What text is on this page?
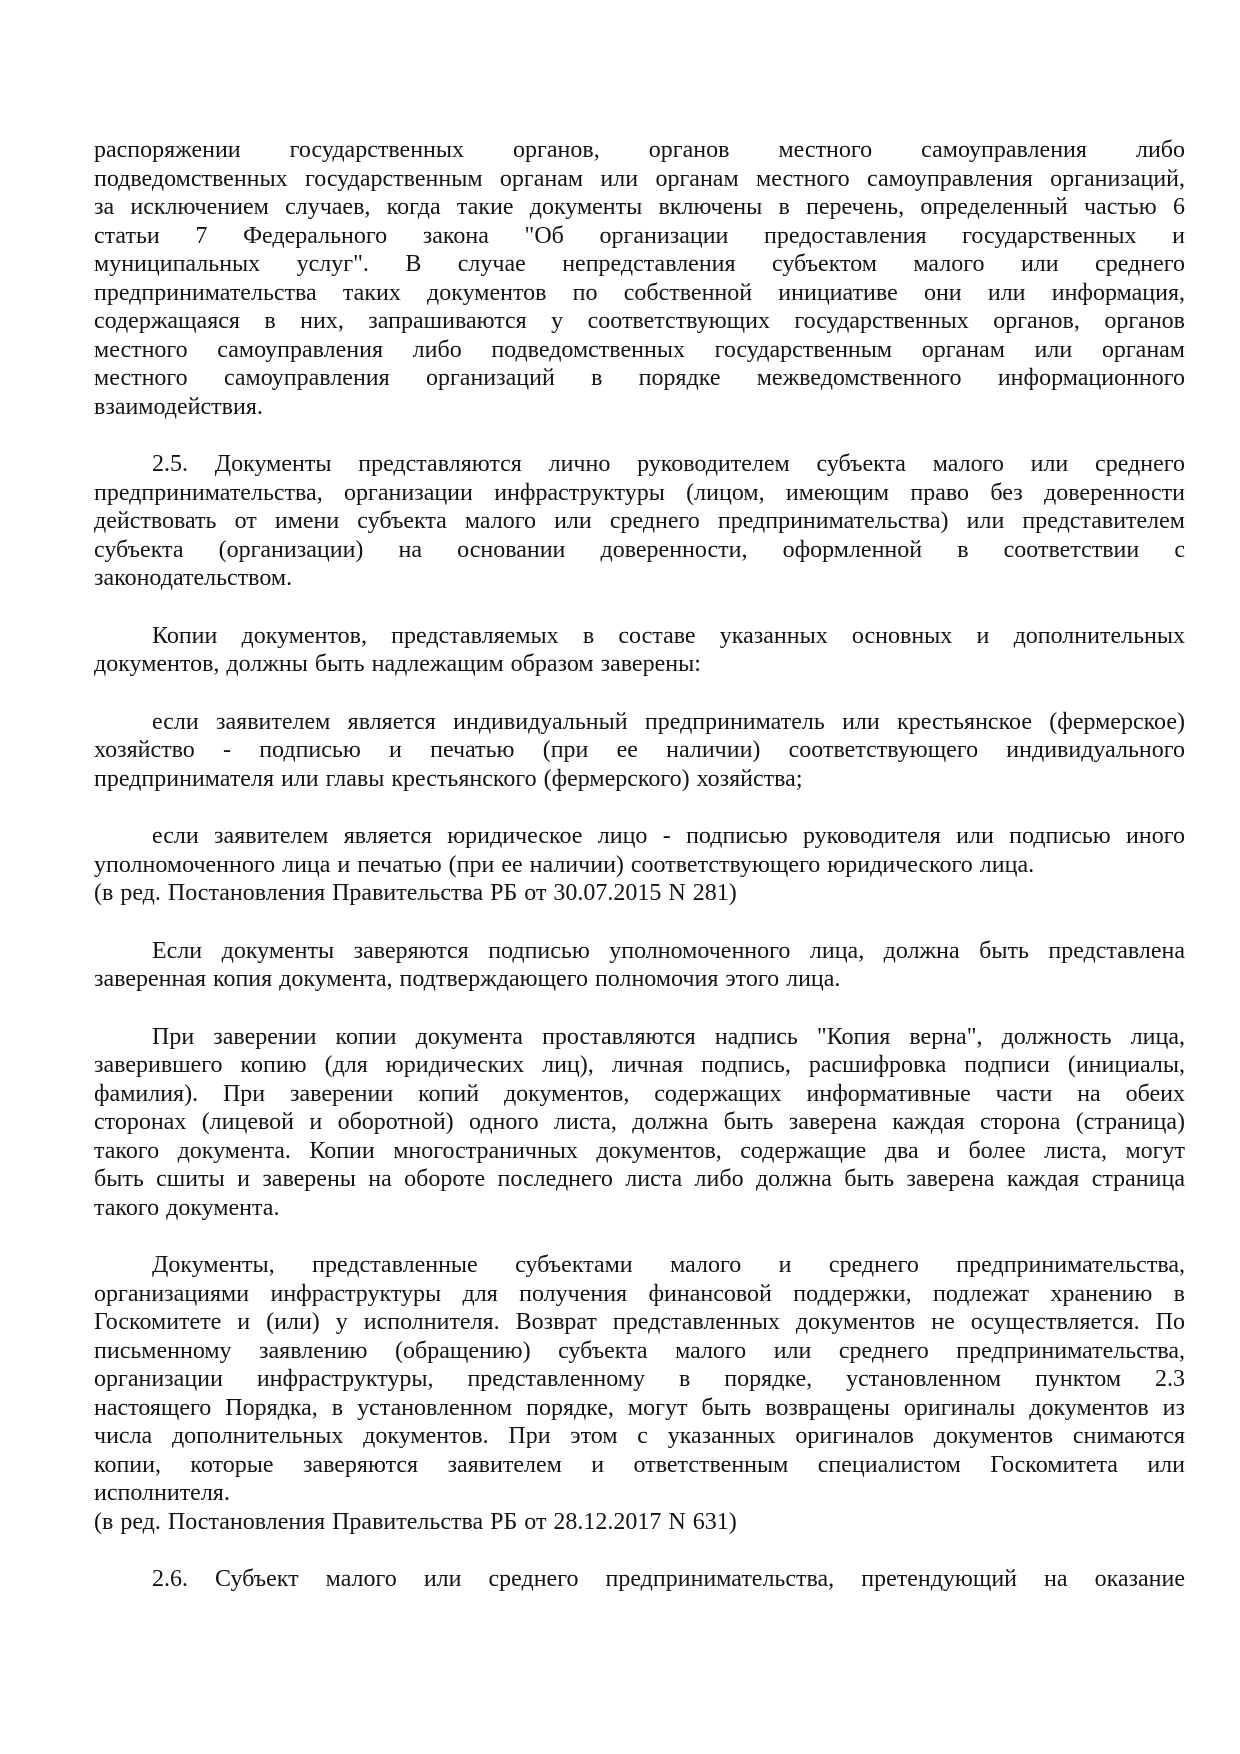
распоряжении государственных органов, органов местного самоуправления либо
подведомственных государственным органам или органам местного самоуправления организаций,
за исключением случаев, когда такие документы включены в перечень, определенный частью 6
статьи 7 Федерального закона "Об организации предоставления государственных и
муниципальных услуг". В случае непредставления субъектом малого или среднего
предпринимательства таких документов по собственной инициативе они или информация,
содержащаяся в них, запрашиваются у соответствующих государственных органов, органов
местного самоуправления либо подведомственных государственным органам или органам
местного самоуправления организаций в порядке межведомственного информационного
взаимодействия.
2.5. Документы представляются лично руководителем субъекта малого или среднего
предпринимательства, организации инфраструктуры (лицом, имеющим право без доверенности
действовать от имени субъекта малого или среднего предпринимательства) или представителем
субъекта (организации) на основании доверенности, оформленной в соответствии с
законодательством.
Копии документов, представляемых в составе указанных основных и дополнительных
документов, должны быть надлежащим образом заверены:
если заявителем является индивидуальный предприниматель или крестьянское (фермерское)
хозяйство - подписью и печатью (при ее наличии) соответствующего индивидуального
предпринимателя или главы крестьянского (фермерского) хозяйства;
если заявителем является юридическое лицо - подписью руководителя или подписью иного
уполномоченного лица и печатью (при ее наличии) соответствующего юридического лица.
(в ред. Постановления Правительства РБ от 30.07.2015 N 281)
Если документы заверяются подписью уполномоченного лица, должна быть представлена
заверенная копия документа, подтверждающего полномочия этого лица.
При заверении копии документа проставляются надпись "Копия верна", должность лица,
заверившего копию (для юридических лиц), личная подпись, расшифровка подписи (инициалы,
фамилия). При заверении копий документов, содержащих информативные части на обеих
сторонах (лицевой и оборотной) одного листа, должна быть заверена каждая сторона (страница)
такого документа. Копии многостраничных документов, содержащие два и более листа, могут
быть сшиты и заверены на обороте последнего листа либо должна быть заверена каждая страница
такого документа.
Документы, представленные субъектами малого и среднего предпринимательства,
организациями инфраструктуры для получения финансовой поддержки, подлежат хранению в
Госкомитете и (или) у исполнителя. Возврат представленных документов не осуществляется. По
письменному заявлению (обращению) субъекта малого или среднего предпринимательства,
организации инфраструктуры, представленному в порядке, установленном пунктом 2.3
настоящего Порядка, в установленном порядке, могут быть возвращены оригиналы документов из
числа дополнительных документов. При этом с указанных оригиналов документов снимаются
копии, которые заверяются заявителем и ответственным специалистом Госкомитета или
исполнителя.
(в ред. Постановления Правительства РБ от 28.12.2017 N 631)
2.6. Субъект малого или среднего предпринимательства, претендующий на оказание
